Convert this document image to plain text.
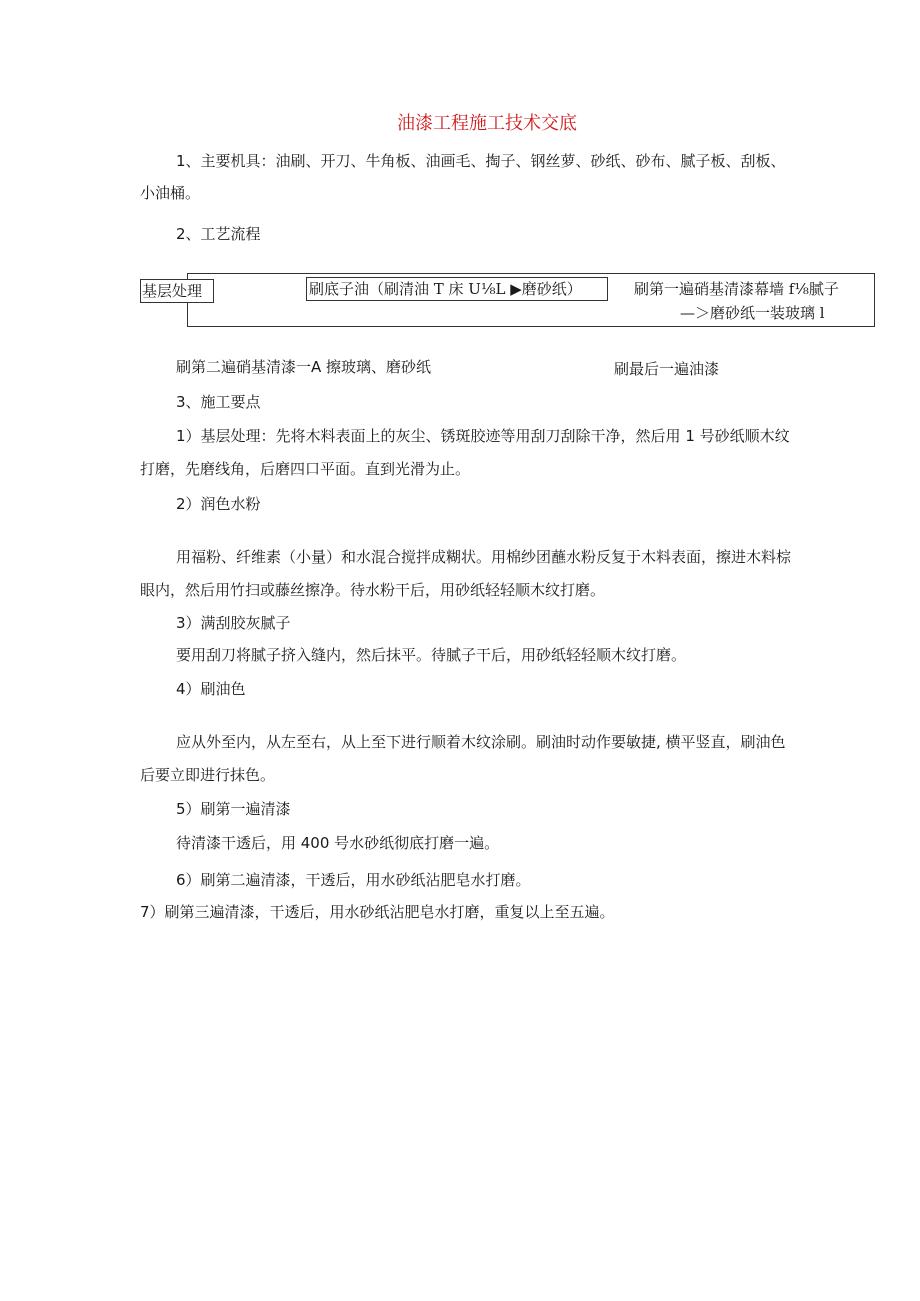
油漆工程施工技术交底
1、主要机具：油刷、开刀、牛角板、油画毛、掏子、钢丝萝、砂纸、砂布、腻子板、刮板、
小油桶。
2、工艺流程
基层处理	刷底子油（刷清油 T 床 U⅛L ▶磨砂纸）	刷第一遍硝基清漆幕墙 f⅛腻子
—＞磨砂纸一装玻璃 l
刷第二遍硝基清漆一A 擦玻璃、磨砂纸	刷最后一遍油漆
3、施工要点
1）基层处理：先将木料表面上的灰尘、锈斑胶迹等用刮刀刮除干净，然后用 1 号砂纸顺木纹
打磨，先磨线角，后磨四口平面。直到光滑为止。
2）润色水粉
用福粉、纤维素（小量）和水混合搅拌成糊状。用棉纱团蘸水粉反复于木料表面，擦进木料棕
眼内，然后用竹扫或藤丝擦净。待水粉干后，用砂纸轻轻顺木纹打磨。
3）满刮胶灰腻子
要用刮刀将腻子挤入缝内，然后抹平。待腻子干后，用砂纸轻轻顺木纹打磨。
4）刷油色
应从外至内，从左至右，从上至下进行顺着木纹涂刷。刷油时动作要敏捷, 横平竖直，刷油色
后要立即进行抹色。
5）刷第一遍清漆
待清漆干透后，用 400 号水砂纸彻底打磨一遍。
6）刷第二遍清漆，干透后，用水砂纸沾肥皂水打磨。
7）刷第三遍清漆，干透后，用水砂纸沾肥皂水打磨，重复以上至五遍。
